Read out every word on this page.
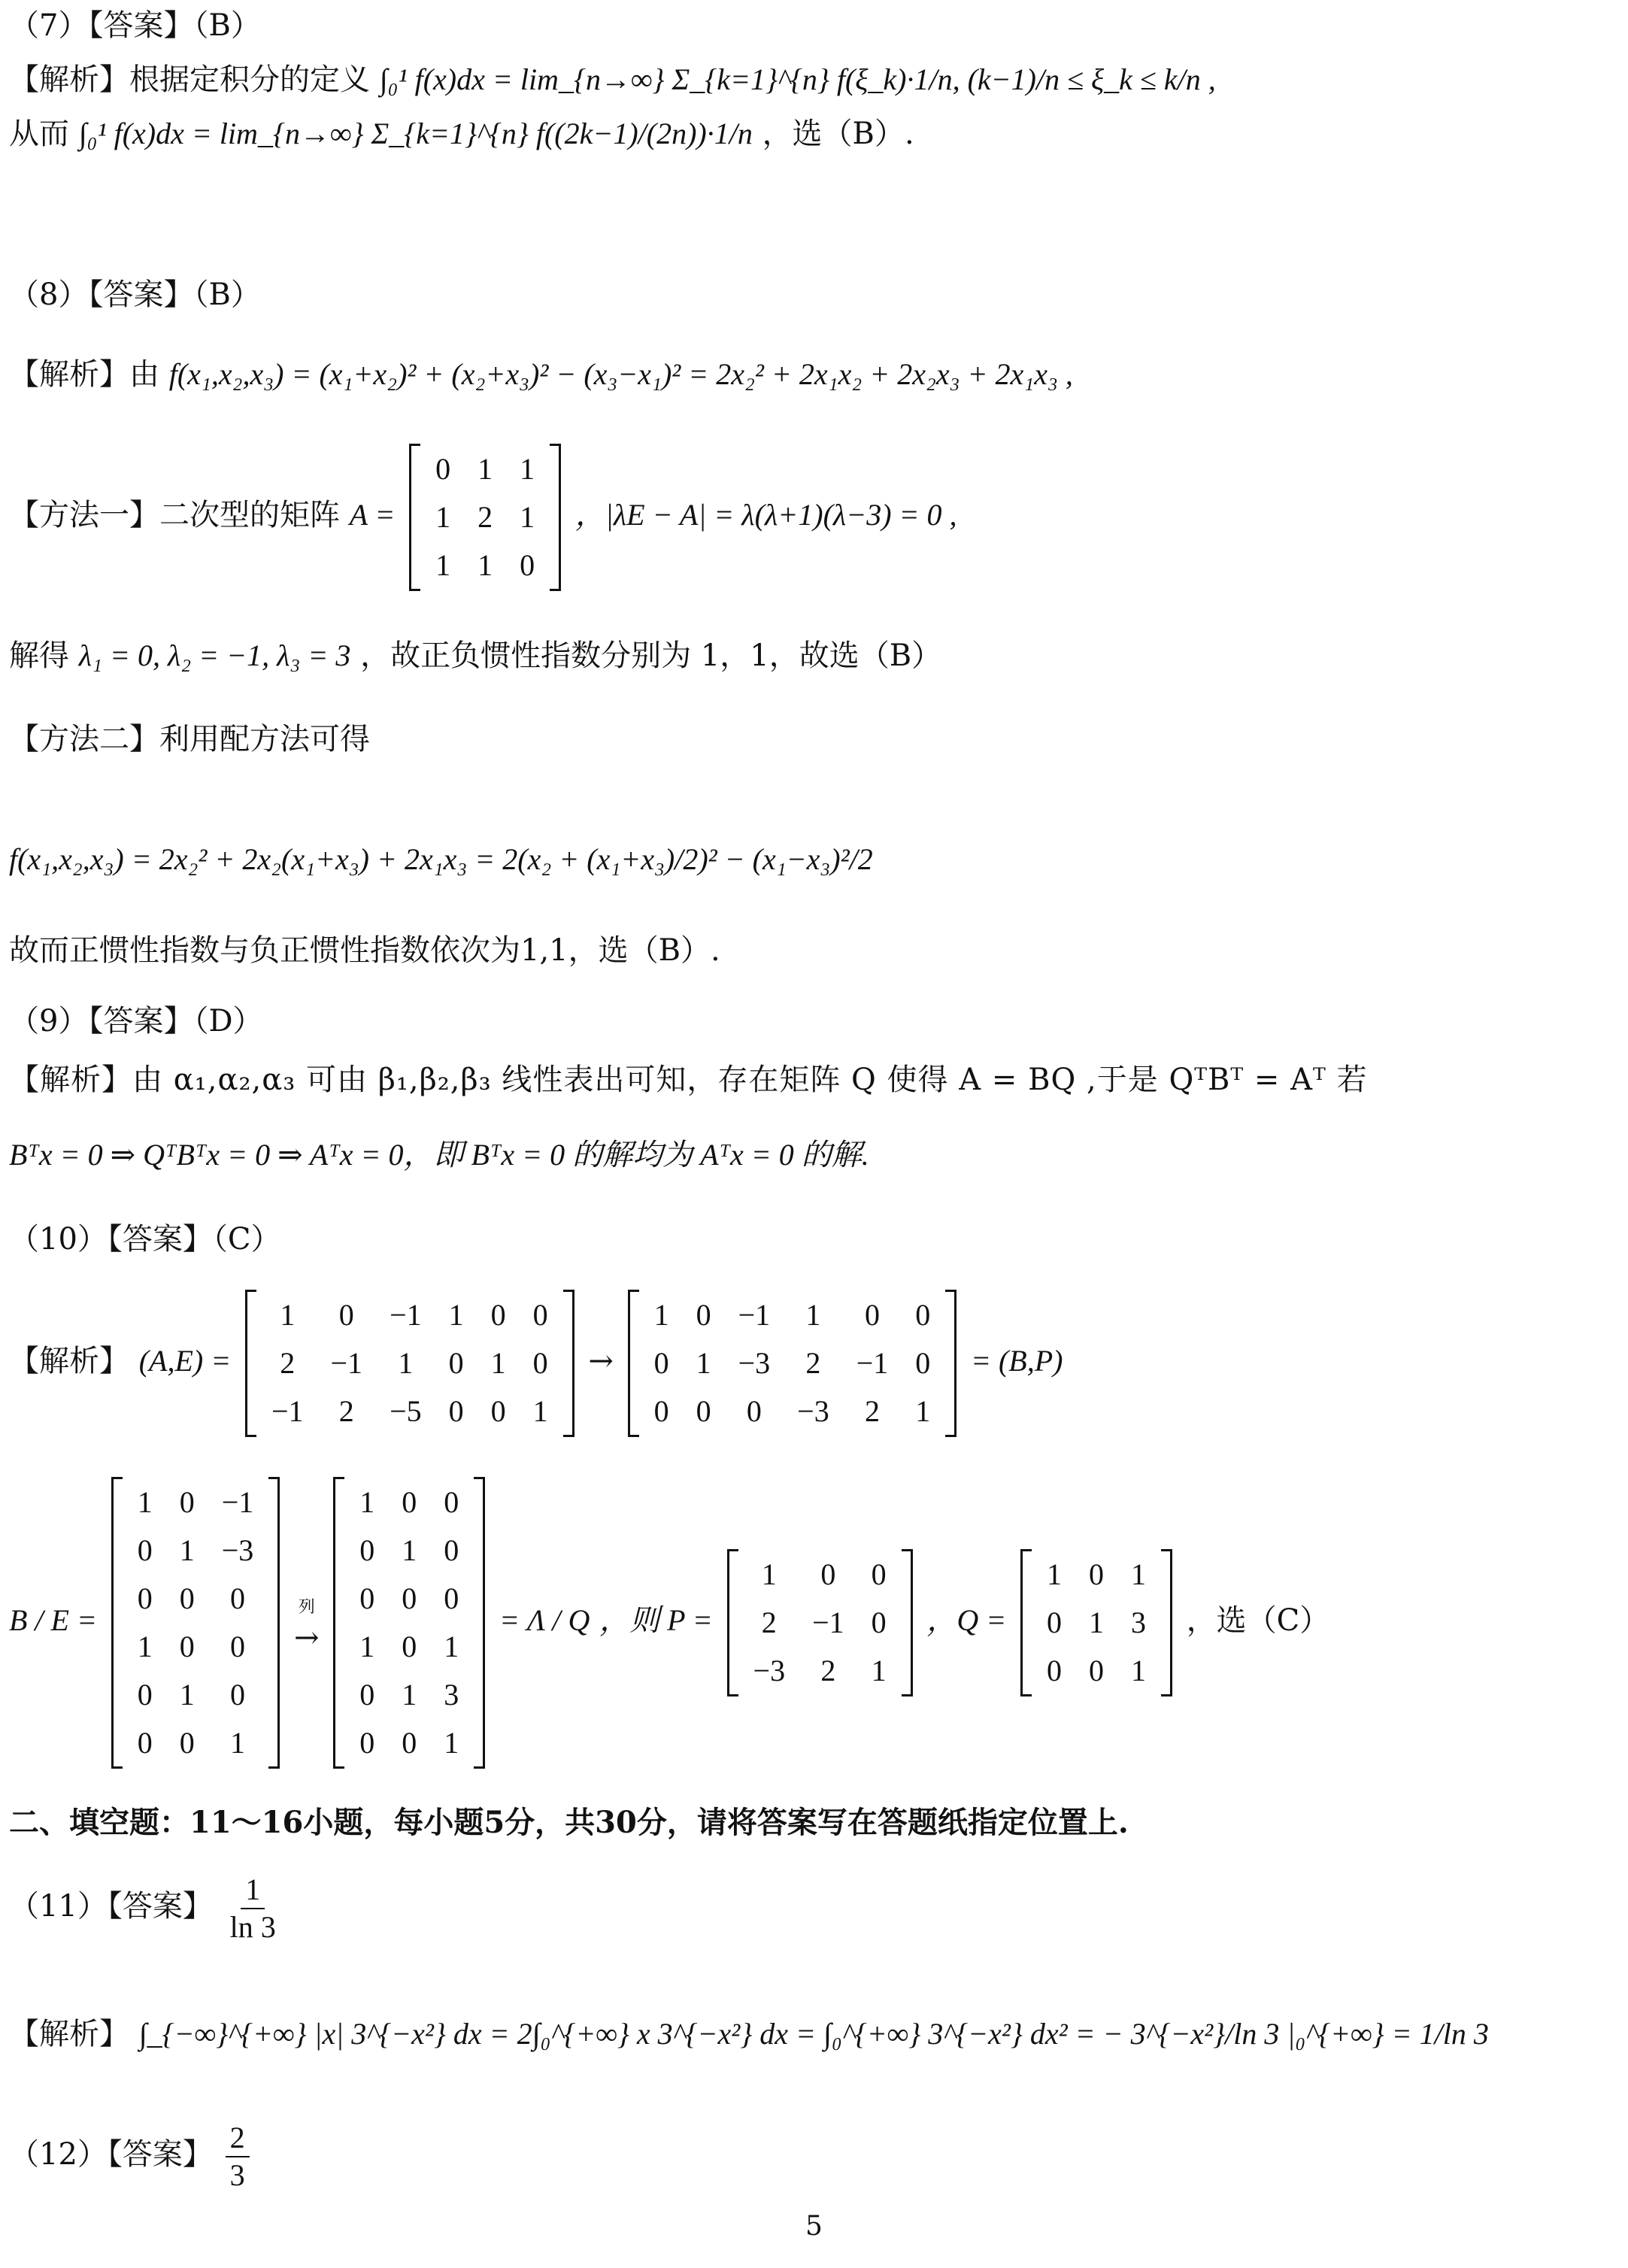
（7）【答案】（B）
【解析】根据定积分的定义 ∫₀¹ f(x)dx = lim_{n→∞} Σ_{k=1}^{n} f(ξ_k)·1/n, (k−1)/n ≤ ξ_k ≤ k/n ,
从而 ∫₀¹ f(x)dx = lim_{n→∞} Σ_{k=1}^{n} f((2k−1)/(2n))·1/n ，选（B）.
（8）【答案】（B）
【解析】由 f(x₁,x₂,x₃) = (x₁+x₂)² + (x₂+x₃)² − (x₃−x₁)² = 2x₂² + 2x₁x₂ + 2x₂x₃ + 2x₁x₃ ,
【方法一】二次型的矩阵 A =
0	1	1
1	2	1
1	1	0
，|λE − A| = λ(λ+1)(λ−3) = 0 ,
解得 λ₁ = 0, λ₂ = −1, λ₃ = 3 ，故正负惯性指数分别为 1，1，故选（B）
【方法二】利用配方法可得
f(x₁,x₂,x₃) = 2x₂² + 2x₂(x₁+x₃) + 2x₁x₃ = 2(x₂ + (x₁+x₃)/2)² − (x₁−x₃)²/2
故而正惯性指数与负正惯性指数依次为1,1，选（B）.
（9）【答案】（D）
【解析】由 α₁,α₂,α₃ 可由 β₁,β₂,β₃ 线性表出可知，存在矩阵 Q 使得 A = BQ ,于是 QᵀBᵀ = Aᵀ 若
Bᵀx = 0 ⇒ QᵀBᵀx = 0 ⇒ Aᵀx = 0，即 Bᵀx = 0 的解均为 Aᵀx = 0 的解.
（10）【答案】（C）
【解析】 (A,E) =
1	0	−1	1	0	0
2	−1	1	0	1	0
−1	2	−5	0	0	1
→
1	0	−1	1	0	0
0	1	−3	2	−1	0
0	0	0	−3	2	1
= (B,P)
B / E =
1	0	−1
0	1	−3
0	0	0
1	0	0
0	1	0
0	0	1

列
→

1	0	0
0	1	0
0	0	0
1	0	1
0	1	3
0	0	1
= Λ / Q ，则 P =
1	0	0
2	−1	0
−3	2	1
，Q =
1	0	1
0	1	3
0	0	1
，选（C）
二、填空题：11～16小题，每小题5分，共30分，请将答案写在答题纸指定位置上.
（11）【答案】 $\frac{1}{\ln 3}$
【解析】 ∫_{−∞}^{+∞} |x| 3^{−x²} dx = 2∫₀^{+∞} x 3^{−x²} dx = ∫₀^{+∞} 3^{−x²} dx² = − 3^{−x²}/ln 3 |₀^{+∞} = 1/ln 3
（12）【答案】 $\frac{2}{3}$
5
